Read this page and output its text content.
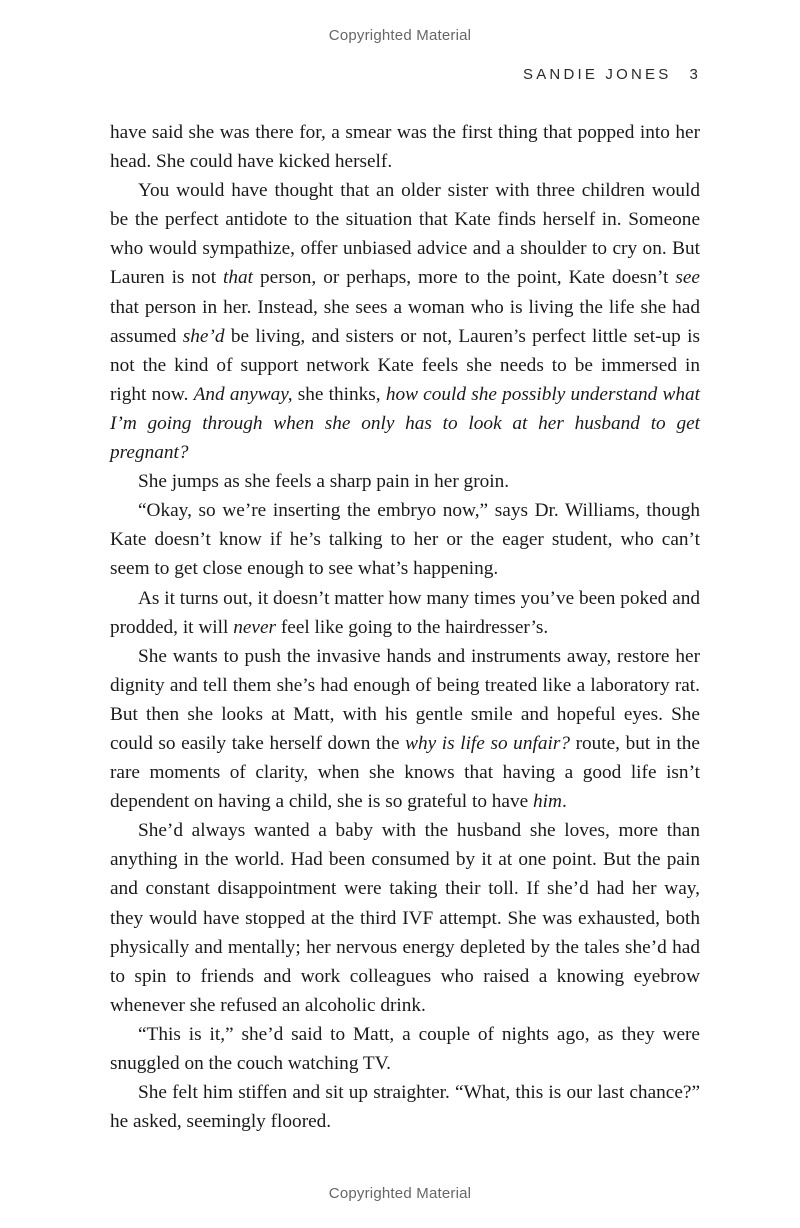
Copyrighted Material
SANDIE JONES 3

have said she was there for, a smear was the first thing that popped into her head. She could have kicked herself.

You would have thought that an older sister with three children would be the perfect antidote to the situation that Kate finds herself in. Someone who would sympathize, offer unbiased advice and a shoulder to cry on. But Lauren is not that person, or perhaps, more to the point, Kate doesn’t see that person in her. Instead, she sees a woman who is living the life she had assumed she’d be living, and sisters or not, Lauren’s perfect little set-up is not the kind of support network Kate feels she needs to be immersed in right now. And anyway, she thinks, how could she possibly understand what I’m going through when she only has to look at her husband to get pregnant?

She jumps as she feels a sharp pain in her groin.

“Okay, so we’re inserting the embryo now,” says Dr. Williams, though Kate doesn’t know if he’s talking to her or the eager student, who can’t seem to get close enough to see what’s happening.

As it turns out, it doesn’t matter how many times you’ve been poked and prodded, it will never feel like going to the hairdresser’s.

She wants to push the invasive hands and instruments away, restore her dignity and tell them she’s had enough of being treated like a laboratory rat. But then she looks at Matt, with his gentle smile and hopeful eyes. She could so easily take herself down the why is life so unfair? route, but in the rare moments of clarity, when she knows that having a good life isn’t dependent on having a child, she is so grateful to have him.

She’d always wanted a baby with the husband she loves, more than anything in the world. Had been consumed by it at one point. But the pain and constant disappointment were taking their toll. If she’d had her way, they would have stopped at the third IVF attempt. She was exhausted, both physically and mentally; her nervous energy depleted by the tales she’d had to spin to friends and work colleagues who raised a knowing eyebrow whenever she refused an alcoholic drink.

“This is it,” she’d said to Matt, a couple of nights ago, as they were snuggled on the couch watching TV.

She felt him stiffen and sit up straighter. “What, this is our last chance?” he asked, seemingly floored.

Copyrighted Material
